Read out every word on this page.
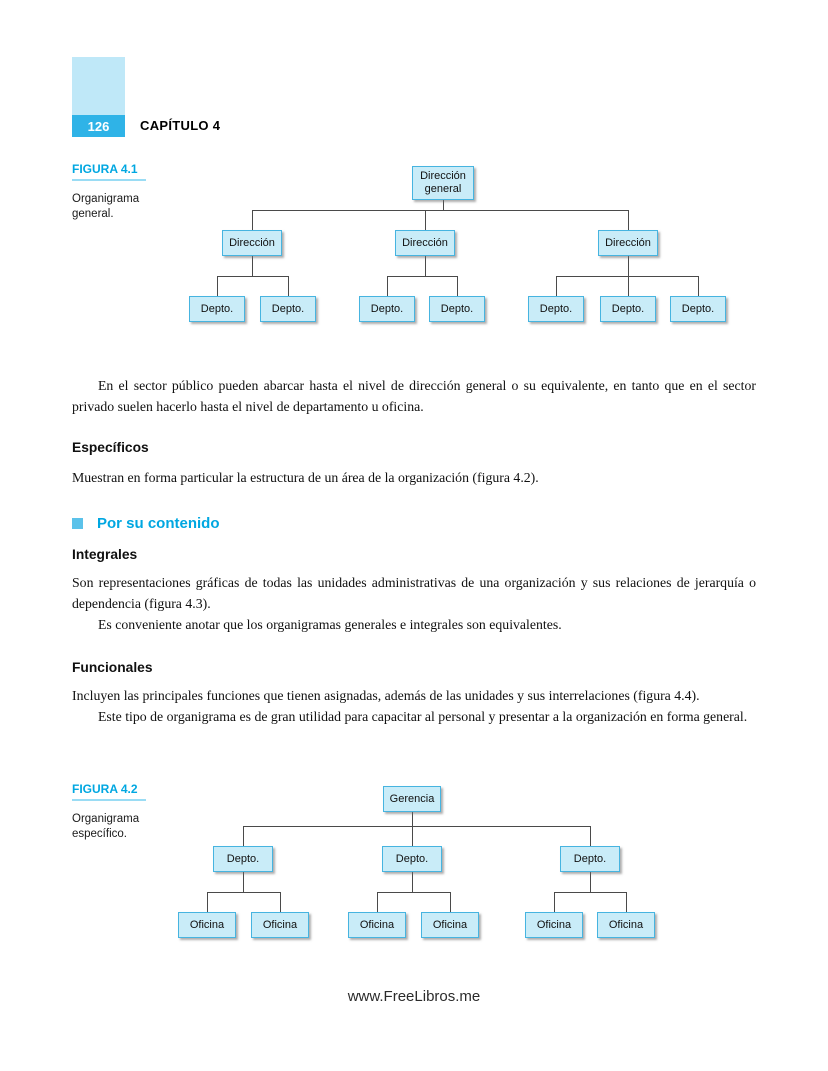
126	CAPÍTULO 4
FIGURA 4.1
Organigrama general.
Dirección general
Dirección	Dirección	Dirección
Depto.	Depto.	Depto.	Depto.	Depto.	Depto.	Depto.

En el sector público pueden abarcar hasta el nivel de dirección general o su equivalente, en tanto que en el sector privado suelen hacerlo hasta el nivel de departamento u oficina.

Específicos

Muestran en forma particular la estructura de un área de la organización (figura 4.2).

Por su contenido

Integrales

Son representaciones gráficas de todas las unidades administrativas de una organización y sus relaciones de jerarquía o dependencia (figura 4.3).

Es conveniente anotar que los organigramas generales e integrales son equivalentes.

Funcionales

Incluyen las principales funciones que tienen asignadas, además de las unidades y sus interrelaciones (figura 4.4).

Este tipo de organigrama es de gran utilidad para capacitar al personal y presentar a la organización en forma general.

FIGURA 4.2
Organigrama específico.
Gerencia
Depto.	Depto.	Depto.
Oficina	Oficina	Oficina	Oficina	Oficina	Oficina
www.FreeLibros.me
